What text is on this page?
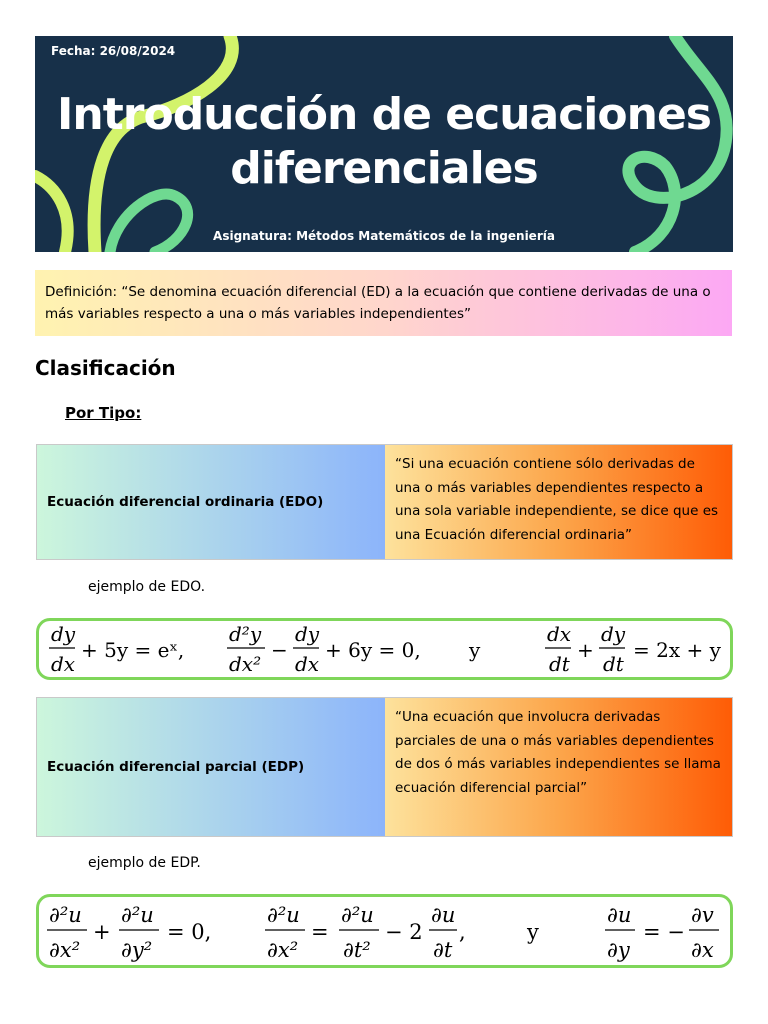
Fecha: 26/08/2024
Introducción de ecuaciones
diferenciales
Asignatura: Métodos Matemáticos de la ingeniería
Definición: “Se denomina ecuación diferencial (ED) a la ecuación que contiene derivadas de una o más variables respecto a una o más variables independientes”
Clasificación
Por Tipo:
Ecuación diferencial ordinaria (EDO)
“Si una ecuación contiene sólo derivadas de una o más variables dependientes respecto a una sola variable independiente, se dice que es una Ecuación diferencial ordinaria”
ejemplo de EDO.
dy
dx
+ 5y = eˣ,
d²y
dx²
−
dy
dx
+ 6y = 0, y
dx
dt
+
dy
dt
= 2x + y
Ecuación diferencial parcial (EDP)
“Una ecuación que involucra derivadas parciales de una o más variables dependientes de dos ó más variables independientes se llama ecuación diferencial parcial”
ejemplo de EDP.
∂²u
∂x²
+
∂²u
∂y²
= 0,
∂²u
∂x²
=
∂²u
∂t²
− 2
∂u
∂t
,	y
∂u
∂y
= −
∂v
∂x
